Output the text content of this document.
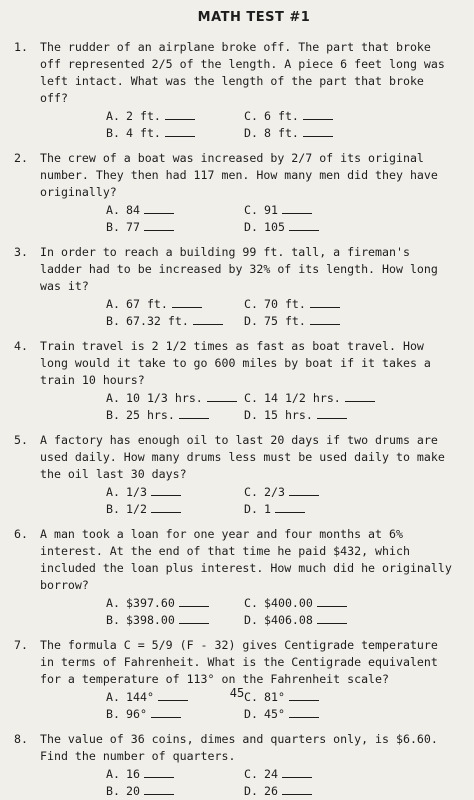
MATH TEST #1
1.	The rudder of an airplane broke off. The part that broke off represented 2/5 of the length. A piece 6 feet long was left intact. What was the length of the part that broke off?
A. 2 ft.	C. 6 ft.
B. 4 ft.	D. 8 ft.
2.	The crew of a boat was increased by 2/7 of its original number. They then had 117 men. How many men did they have originally?
A. 84	C. 91
B. 77	D. 105
3.	In order to reach a building 99 ft. tall, a fireman's ladder had to be increased by 32% of its length. How long was it?
A. 67 ft.	C. 70 ft.
B. 67.32 ft.	D. 75 ft.
4.	Train travel is 2 1/2 times as fast as boat travel. How long would it take to go 600 miles by boat if it takes a train 10 hours?
A. 10 1/3 hrs.	C. 14 1/2 hrs.
B. 25 hrs.	D. 15 hrs.
5.	A factory has enough oil to last 20 days if two drums are used daily. How many drums less must be used daily to make the oil last 30 days?
A. 1/3	C. 2/3
B. 1/2	D. 1
6.	A man took a loan for one year and four months at 6% interest. At the end of that time he paid $432, which included the loan plus interest. How much did he originally borrow?
A. $397.60	C. $400.00
B. $398.00	D. $406.08
7.	The formula C = 5/9 (F - 32) gives Centigrade temperature in terms of Fahrenheit. What is the Centigrade equivalent for a temperature of 113° on the Fahrenheit scale?
A. 144°	C. 81°
B. 96°	D. 45°
8.	The value of 36 coins, dimes and quarters only, is $6.60. Find the number of quarters.
A. 16	C. 24
B. 20	D. 26
45
